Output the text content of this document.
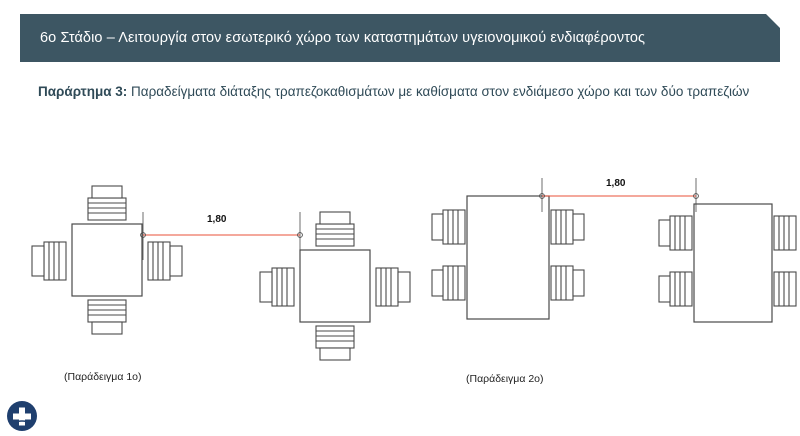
6ο Στάδιο – Λειτουργία στον εσωτερικό χώρο των καταστημάτων υγειονομικού ενδιαφέροντος
Παράρτημα 3: Παραδείγματα διάταξης τραπεζοκαθισμάτων με καθίσματα στον ενδιάμεσο χώρο και των δύο τραπεζιών
1,80
1,80
(Παράδειγμα 1ο)	(Παράδειγμα 2ο)
